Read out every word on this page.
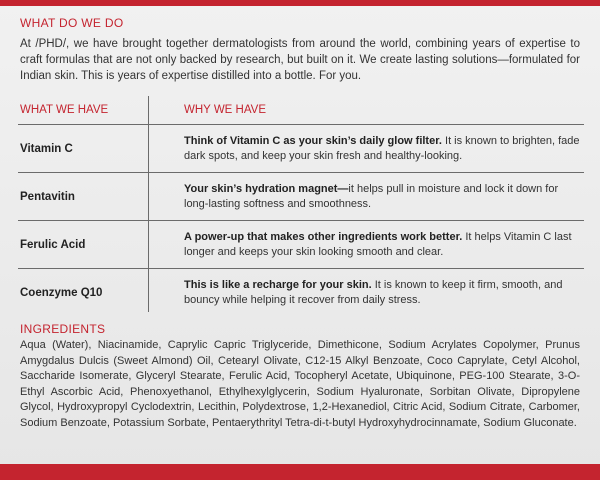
WHAT DO WE DO
At /PHD/, we have brought together dermatologists from around the world, combining years of expertise to craft formulas that are not only backed by research, but built on it. We create lasting solutions—formulated for Indian skin. This is years of expertise distilled into a bottle. For you.
WHAT WE HAVE	WHY WE HAVE
Vitamin C
Think of Vitamin C as your skin’s daily glow filter. It is known to brighten, fade dark spots, and keep your skin fresh and healthy-looking.
Pentavitin
Your skin’s hydration magnet—it helps pull in moisture and lock it down for long-lasting softness and smoothness.
Ferulic Acid
A power-up that makes other ingredients work better. It helps Vitamin C last longer and keeps your skin looking smooth and clear.
Coenzyme Q10
This is like a recharge for your skin. It is known to keep it firm, smooth, and bouncy while helping it recover from daily stress.
INGREDIENTS
Aqua (Water), Niacinamide, Caprylic Capric Triglyceride, Dimethicone, Sodium Acrylates Copolymer, Prunus Amygdalus Dulcis (Sweet Almond) Oil, Cetearyl Olivate, C12-15 Alkyl Benzoate, Coco Caprylate, Cetyl Alcohol, Saccharide Isomerate, Glyceryl Stearate, Ferulic Acid, Tocopheryl Acetate, Ubiquinone, PEG-100 Stearate, 3-O-Ethyl Ascorbic Acid, Phenoxyethanol, Ethylhexylglycerin, Sodium Hyaluronate, Sorbitan Olivate, Dipropylene Glycol, Hydroxypropyl Cyclodextrin, Lecithin, Polydextrose, 1,2-Hexanediol, Citric Acid, Sodium Citrate, Carbomer, Sodium Benzoate, Potassium Sorbate, Pentaerythrityl Tetra-di-t-butyl Hydroxyhydrocinnamate, Sodium Gluconate.
